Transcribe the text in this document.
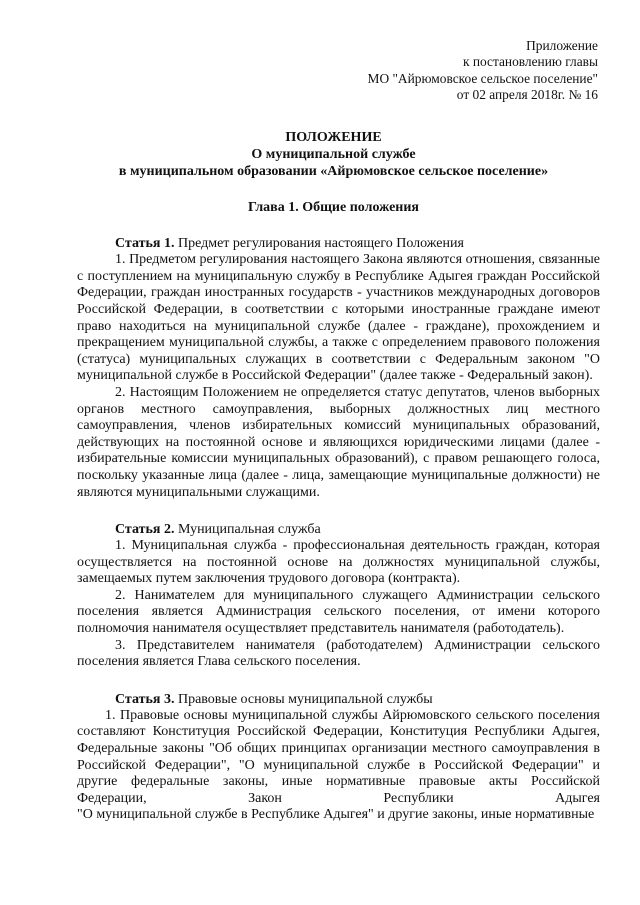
Приложение
к постановлению главы
МО "Айрюмовское сельское поселение"
от 02 апреля 2018г. № 16
ПОЛОЖЕНИЕ
О муниципальной службе
в муниципальном образовании «Айрюмовское сельское поселение»
Глава 1. Общие положения
Статья 1. Предмет регулирования настоящего Положения

1. Предметом регулирования настоящего Закона являются отношения, связанные с поступлением на муниципальную службу в Республике Адыгея граждан Российской Федерации, граждан иностранных государств - участников международных договоров Российской Федерации, в соответствии с которыми иностранные граждане имеют право находиться на муниципальной службе (далее - граждане), прохождением и прекращением муниципальной службы, а также с определением правового положения (статуса) муниципальных служащих в соответствии с Федеральным законом "О муниципальной службе в Российской Федерации" (далее также - Федеральный закон).

2. Настоящим Положением не определяется статус депутатов, членов выборных органов местного самоуправления, выборных должностных лиц местного самоуправления, членов избирательных комиссий муниципальных образований, действующих на постоянной основе и являющихся юридическими лицами (далее - избирательные комиссии муниципальных образований), с правом решающего голоса, поскольку указанные лица (далее - лица, замещающие муниципальные должности) не являются муниципальными служащими.

Статья 2. Муниципальная служба

1. Муниципальная служба - профессиональная деятельность граждан, которая осуществляется на постоянной основе на должностях муниципальной службы, замещаемых путем заключения трудового договора (контракта).

2. Нанимателем для муниципального служащего Администрации сельского поселения является Администрация сельского поселения, от имени которого полномочия нанимателя осуществляет представитель нанимателя (работодатель).

3. Представителем нанимателя (работодателем) Администрации сельского поселения является Глава сельского поселения.

Статья 3. Правовые основы муниципальной службы

1. Правовые основы муниципальной службы Айрюмовского сельского поселения составляют Конституция Российской Федерации, Конституция Республики Адыгея, Федеральные законы "Об общих принципах организации местного самоуправления в Российской Федерации", "О муниципальной службе в Российской Федерации" и другие федеральные законы, иные нормативные правовые акты Российской Федерации, Закон Республики Адыгея

"О муниципальной службе в Республике Адыгея" и другие законы, иные нормативные
